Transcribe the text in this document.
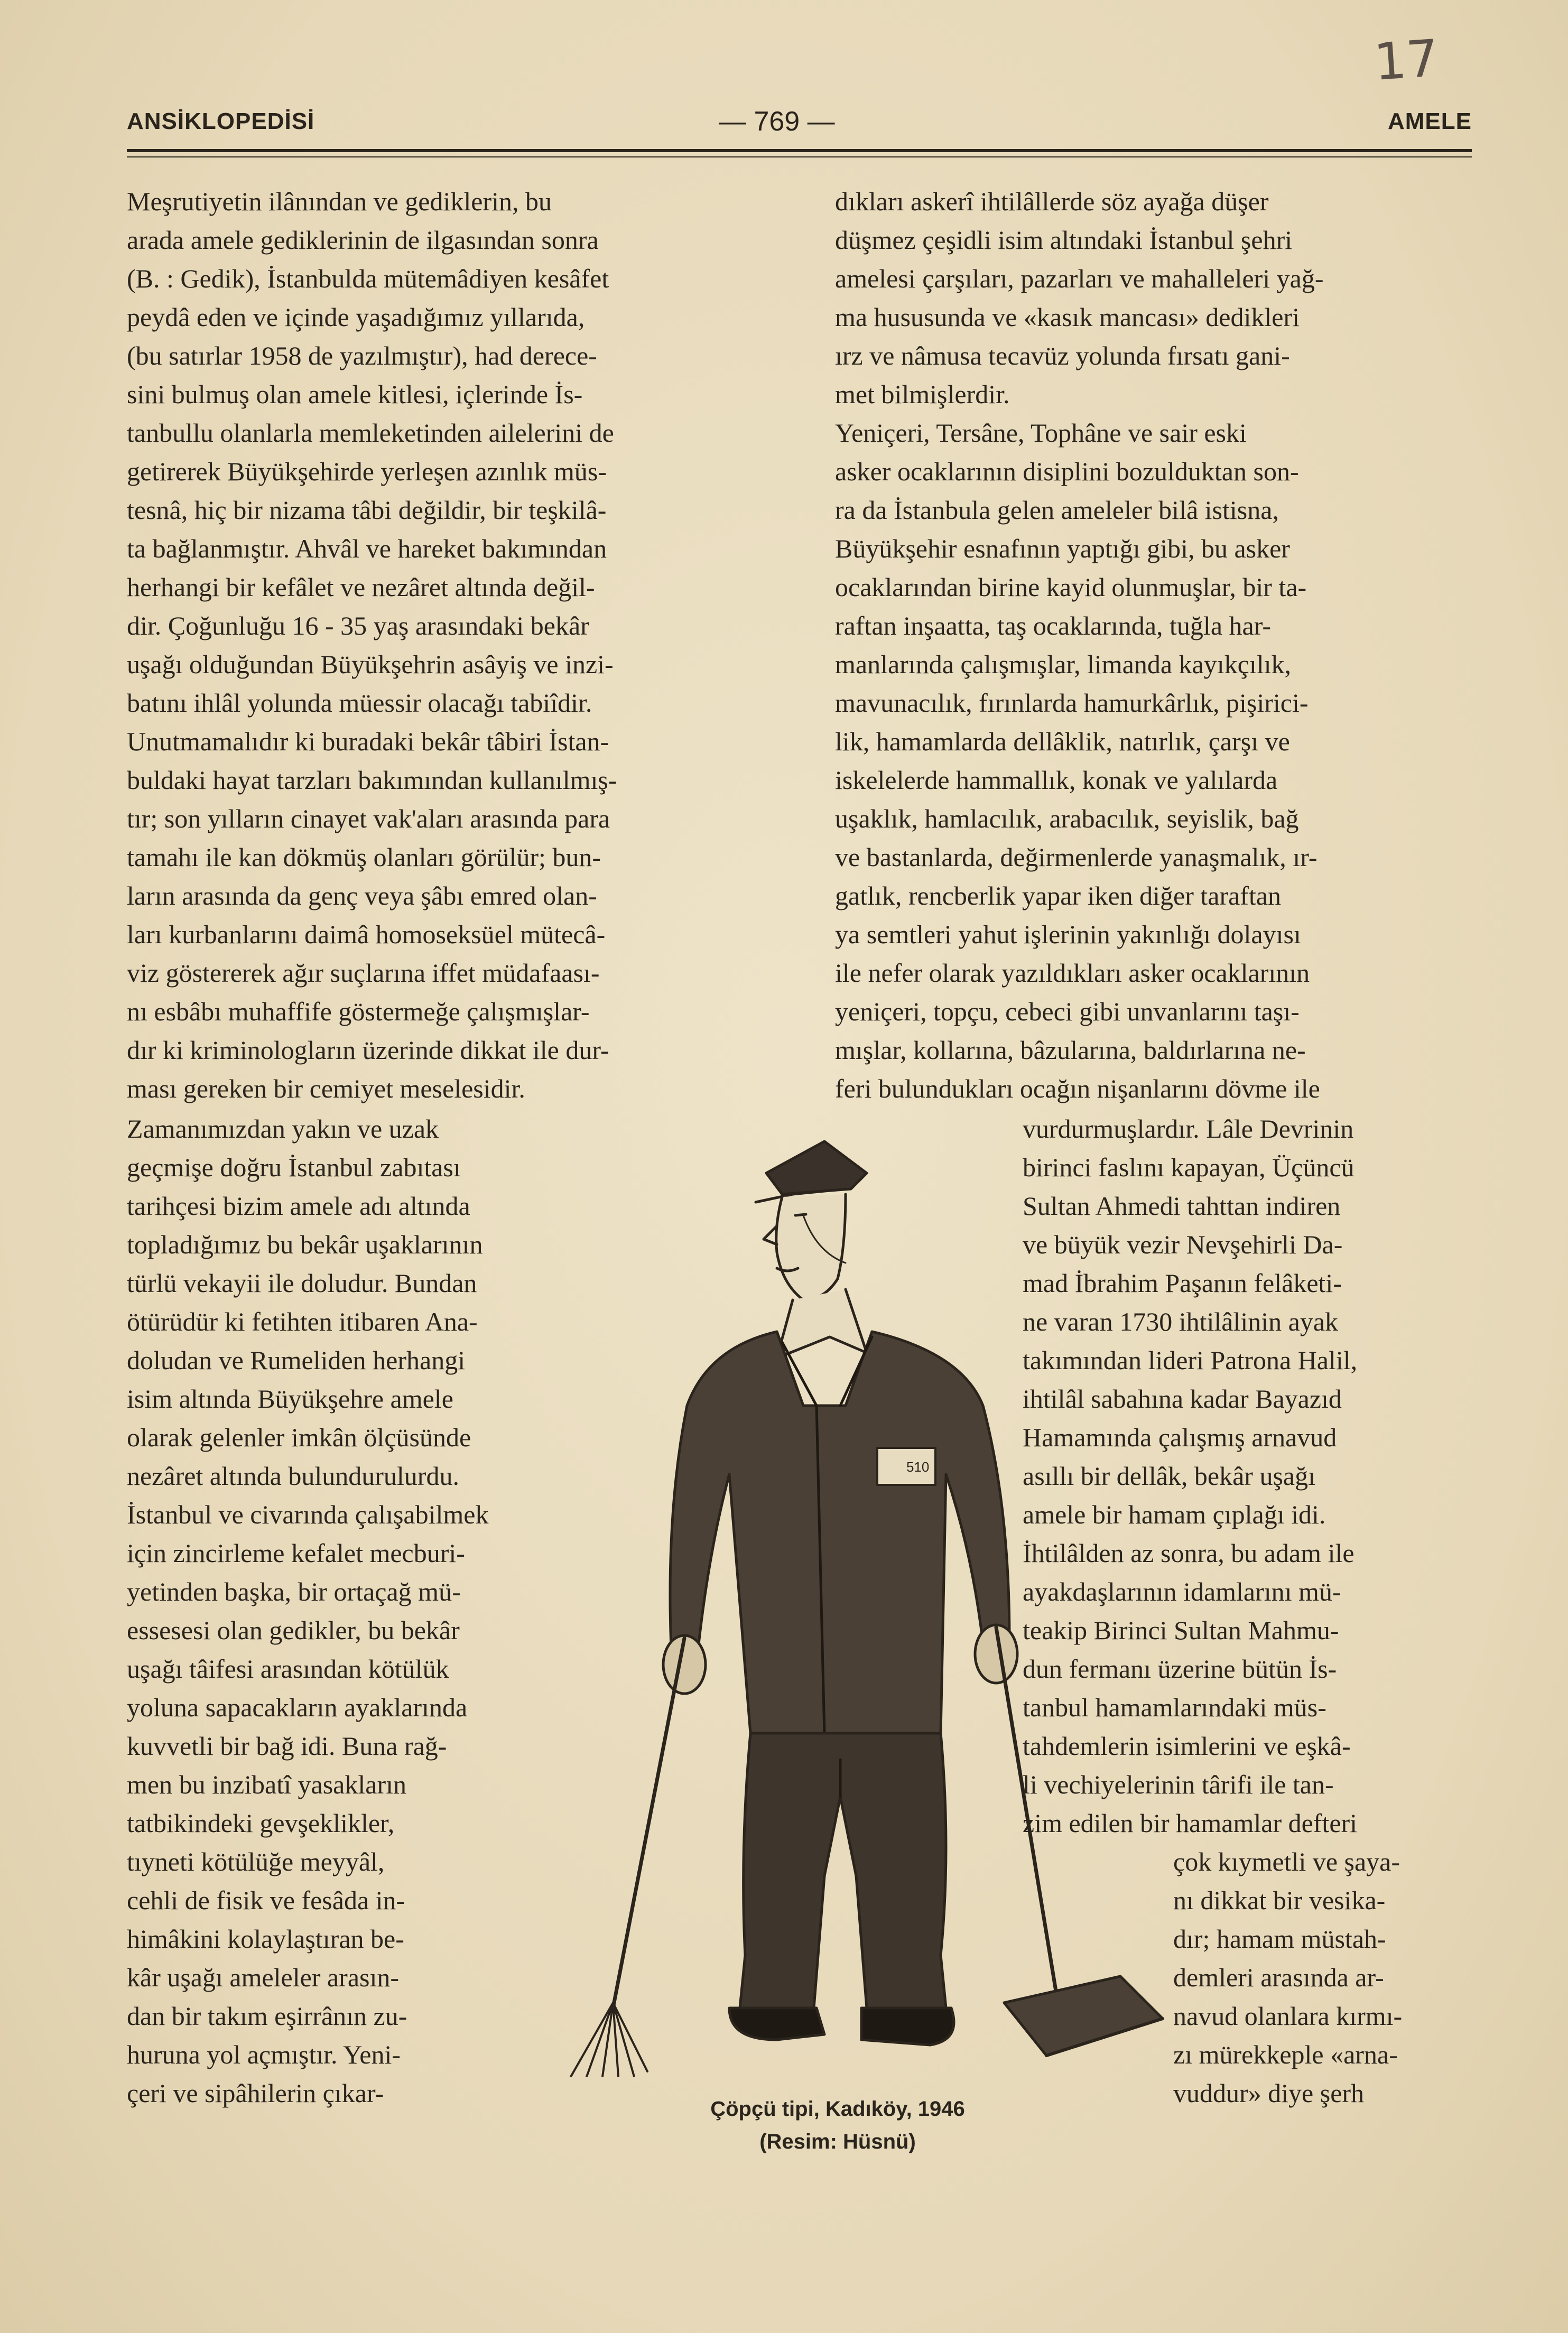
17
ANSİKLOPEDİSİ	— 769 —	AMELE
Meşrutiyetin ilânından ve gediklerin, bu
arada amele gediklerinin de ilgasından sonra
(B. : Gedik), İstanbulda mütemâdiyen kesâfet
peydâ eden ve içinde yaşadığımız yıllarıda,
(bu satırlar 1958 de yazılmıştır), had derece-
sini bulmuş olan amele kitlesi, içlerinde İs-
tanbullu olanlarla memleketinden ailelerini de
getirerek Büyükşehirde yerleşen azınlık müs-
tesnâ, hiç bir nizama tâbi değildir, bir teşkilâ-
ta bağlanmıştır. Ahvâl ve hareket bakımından
herhangi bir kefâlet ve nezâret altında değil-
dir. Çoğunluğu 16 - 35 yaş arasındaki bekâr
uşağı olduğundan Büyükşehrin asâyiş ve inzi-
batını ihlâl yolunda müessir olacağı tabiîdir.
Unutmamalıdır ki buradaki bekâr tâbiri İstan-
buldaki hayat tarzları bakımından kullanılmış-
tır; son yılların cinayet vak'aları arasında para
tamahı ile kan dökmüş olanları görülür; bun-
ların arasında da genç veya şâbı emred olan-
ları kurbanlarını daimâ homoseksüel mütecâ-
viz göstererek ağır suçlarına iffet müdafaası-
nı esbâbı muhaffife göstermeğe çalışmışlar-
dır ki kriminologların üzerinde dikkat ile dur-
ması gereken bir cemiyet meselesidir.
Zamanımızdan yakın ve uzak
geçmişe doğru İstanbul zabıtası
tarihçesi bizim amele adı altında
topladığımız bu bekâr uşaklarının
türlü vekayii ile doludur. Bundan
ötürüdür ki fetihten itibaren Ana-
doludan ve Rumeliden herhangi
isim altında Büyükşehre amele
olarak gelenler imkân ölçüsünde
nezâret altında bulundurulurdu.
İstanbul ve civarında çalışabilmek
için zincirleme kefalet mecburi-
yetinden başka, bir ortaçağ mü-
essesesi olan gedikler, bu bekâr
uşağı tâifesi arasından kötülük
yoluna sapacakların ayaklarında
kuvvetli bir bağ idi. Buna rağ-
men bu inzibatî yasakların
tatbikindeki gevşeklikler,
tıyneti kötülüğe meyyâl,
cehli de fisik ve fesâda in-
himâkini kolaylaştıran be-
kâr uşağı ameleler arasın-
dan bir takım eşirrânın zu-
huruna yol açmıştır. Yeni-
çeri ve sipâhilerin çıkar-
dıkları askerî ihtilâllerde söz ayağa düşer
düşmez çeşidli isim altındaki İstanbul şehri
amelesi çarşıları, pazarları ve mahalleleri yağ-
ma hususunda ve «kasık mancası» dedikleri
ırz ve nâmusa tecavüz yolunda fırsatı gani-
met bilmişlerdir.
Yeniçeri, Tersâne, Tophâne ve sair eski
asker ocaklarının disiplini bozulduktan son-
ra da İstanbula gelen ameleler bilâ istisna,
Büyükşehir esnafının yaptığı gibi, bu asker
ocaklarından birine kayid olunmuşlar, bir ta-
raftan inşaatta, taş ocaklarında, tuğla har-
manlarında çalışmışlar, limanda kayıkçılık,
mavunacılık, fırınlarda hamurkârlık, pişirici-
lik, hamamlarda dellâklik, natırlık, çarşı ve
iskelelerde hammallık, konak ve yalılarda
uşaklık, hamlacılık, arabacılık, seyislik, bağ
ve bastanlarda, değirmenlerde yanaşmalık, ır-
gatlık, rencberlik yapar iken diğer taraftan
ya semtleri yahut işlerinin yakınlığı dolayısı
ile nefer olarak yazıldıkları asker ocaklarının
yeniçeri, topçu, cebeci gibi unvanlarını taşı-
mışlar, kollarına, bâzularına, baldırlarına ne-
feri bulundukları ocağın nişanlarını dövme ile
vurdurmuşlardır. Lâle Devrinin
birinci faslını kapayan, Üçüncü
Sultan Ahmedi tahttan indiren
ve büyük vezir Nevşehirli Da-
mad İbrahim Paşanın felâketi-
ne varan 1730 ihtilâlinin ayak
takımından lideri Patrona Halil,
ihtilâl sabahına kadar Bayazıd
Hamamında çalışmış arnavud
asıllı bir dellâk, bekâr uşağı
amele bir hamam çıplağı idi.
İhtilâlden az sonra, bu adam ile
ayakdaşlarının idamlarını mü-
teakip Birinci Sultan Mahmu-
dun fermanı üzerine bütün İs-
tanbul hamamlarındaki müs-
tahdemlerin isimlerini ve eşkâ-
li vechiyelerinin târifi ile tan-
zim edilen bir hamamlar defteri
çok kıymetli ve şaya-
nı dikkat bir vesika-
dır; hamam müstah-
demleri arasında ar-
navud olanlara kırmı-
zı mürekkeple «arna-
vuddur» diye şerh
510
Çöpçü tipi, Kadıköy, 1946
(Resim: Hüsnü)
